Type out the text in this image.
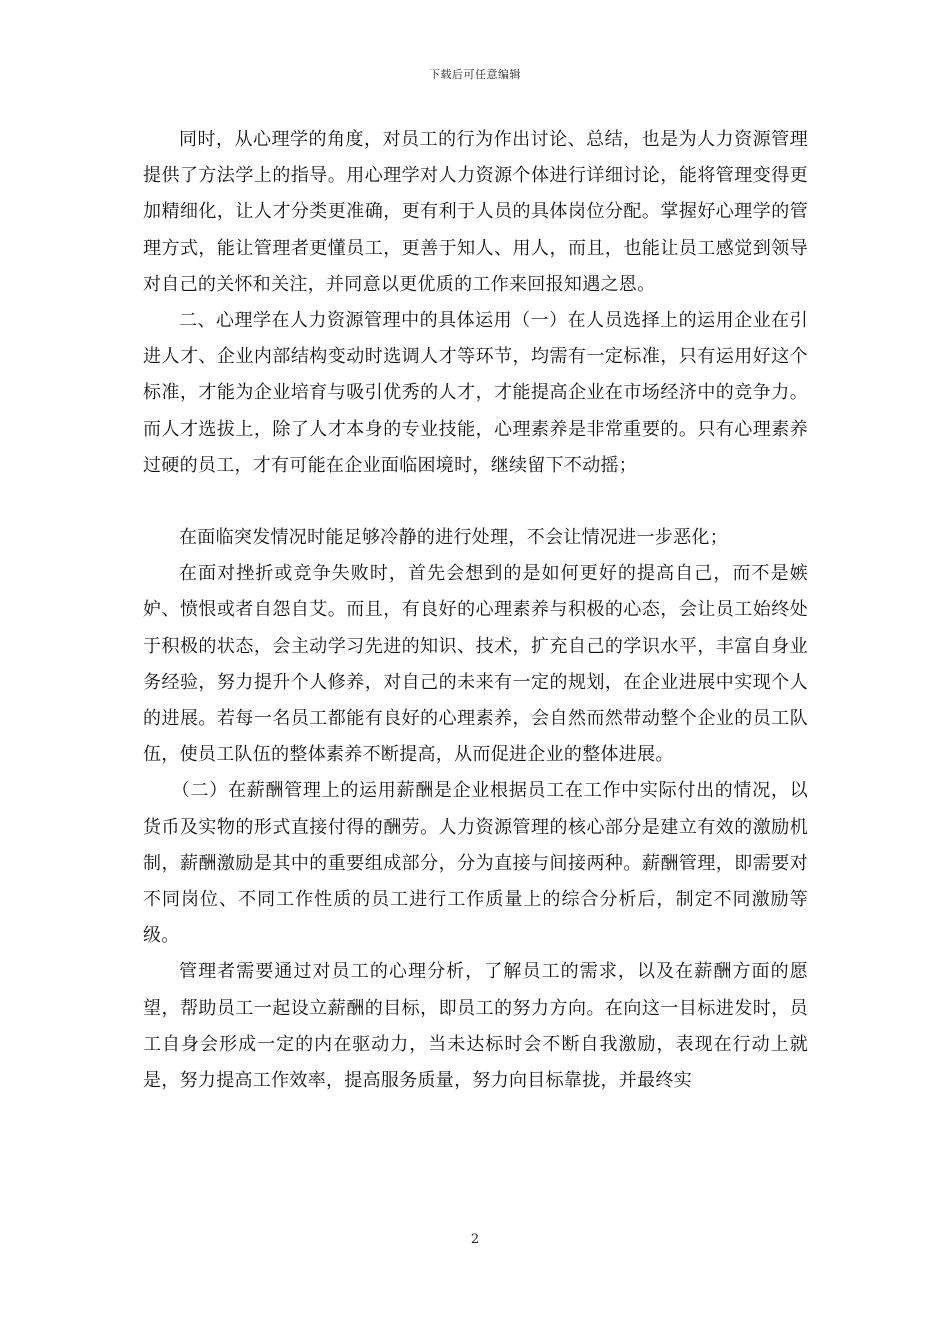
下载后可任意编辑

同时，从心理学的角度，对员工的行为作出讨论、总结，也是为人力资源管理提供了方法学上的指导。用心理学对人力资源个体进行详细讨论，能将管理变得更加精细化，让人才分类更准确，更有利于人员的具体岗位分配。掌握好心理学的管理方式，能让管理者更懂员工，更善于知人、用人，而且，也能让员工感觉到领导对自己的关怀和关注，并同意以更优质的工作来回报知遇之恩。

二、心理学在人力资源管理中的具体运用（一）在人员选择上的运用企业在引进人才、企业内部结构变动时选调人才等环节，均需有一定标准，只有运用好这个标准，才能为企业培育与吸引优秀的人才，才能提高企业在市场经济中的竞争力。而人才选拔上，除了人才本身的专业技能，心理素养是非常重要的。只有心理素养过硬的员工，才有可能在企业面临困境时，继续留下不动摇；

在面临突发情况时能足够冷静的进行处理，不会让情况进一步恶化；

在面对挫折或竞争失败时，首先会想到的是如何更好的提高自己，而不是嫉妒、愤恨或者自怨自艾。而且，有良好的心理素养与积极的心态，会让员工始终处于积极的状态，会主动学习先进的知识、技术，扩充自己的学识水平，丰富自身业务经验，努力提升个人修养，对自己的未来有一定的规划，在企业进展中实现个人的进展。若每一名员工都能有良好的心理素养，会自然而然带动整个企业的员工队伍，使员工队伍的整体素养不断提高，从而促进企业的整体进展。

（二）在薪酬管理上的运用薪酬是企业根据员工在工作中实际付出的情况，以货币及实物的形式直接付得的酬劳。人力资源管理的核心部分是建立有效的激励机制，薪酬激励是其中的重要组成部分，分为直接与间接两种。薪酬管理，即需要对不同岗位、不同工作性质的员工进行工作质量上的综合分析后，制定不同激励等级。

管理者需要通过对员工的心理分析，了解员工的需求，以及在薪酬方面的愿望，帮助员工一起设立薪酬的目标，即员工的努力方向。在向这一目标进发时，员工自身会形成一定的内在驱动力，当未达标时会不断自我激励，表现在行动上就是，努力提高工作效率，提高服务质量，努力向目标靠拢，并最终实

2
